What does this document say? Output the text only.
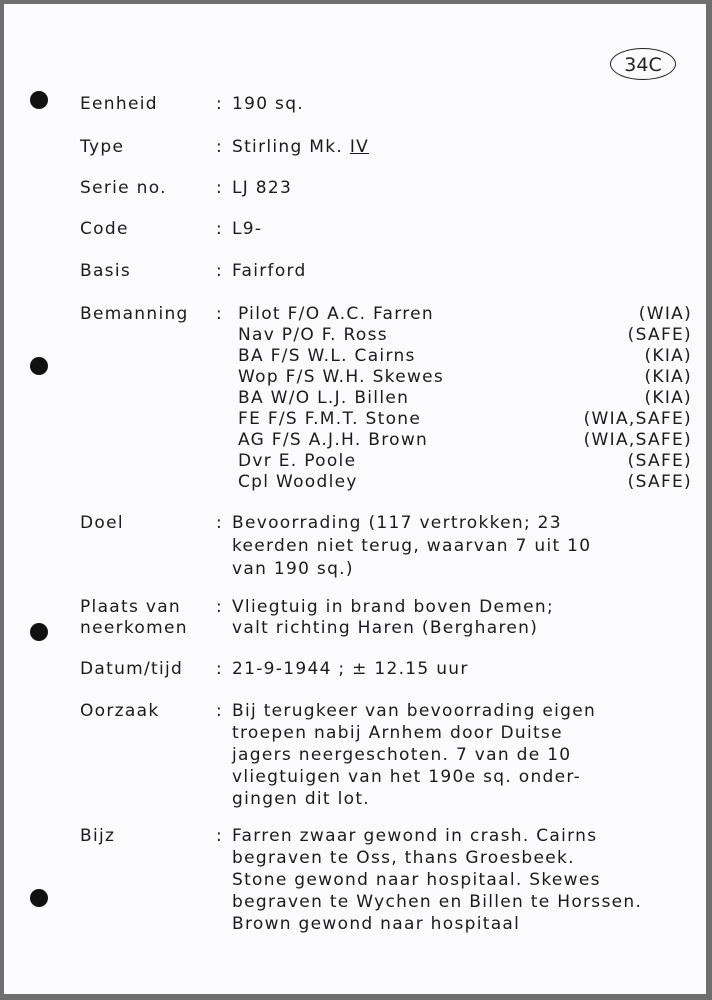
34C
Eenheid	: 190 sq.
Type	: Stirling Mk. IV
Serie no.	: LJ 823
Code	: L9-
Basis	: Fairford
Bemanning : Pilot F/O A.C. Farren	(WIA)
Nav P/O F. Ross	(SAFE)
BA F/S W.L. Cairns	(KIA)
Wop F/S W.H. Skewes	(KIA)
BA W/O L.J. Billen	(KIA)
FE F/S F.M.T. Stone	(WIA,SAFE)
AG F/S A.J.H. Brown	(WIA,SAFE)
Dvr E. Poole	(SAFE)
Cpl Woodley	(SAFE)
Doel	: Bevoorrading (117 vertrokken; 23
keerden niet terug, waarvan 7 uit 10
van 190 sq.)
Plaats van
neerkomen
: Vliegtuig in brand boven Demen;
valt richting Haren (Bergharen)
Datum/tijd : 21-9-1944 ; ± 12.15 uur
Oorzaak	: Bij terugkeer van bevoorrading eigen
troepen nabij Arnhem door Duitse
jagers neergeschoten. 7 van de 10
vliegtuigen van het 190e sq. onder-
gingen dit lot.
Bijz	: Farren zwaar gewond in crash. Cairns
begraven te Oss, thans Groesbeek.
Stone gewond naar hospitaal. Skewes
begraven te Wychen en Billen te Horssen.
Brown gewond naar hospitaal
